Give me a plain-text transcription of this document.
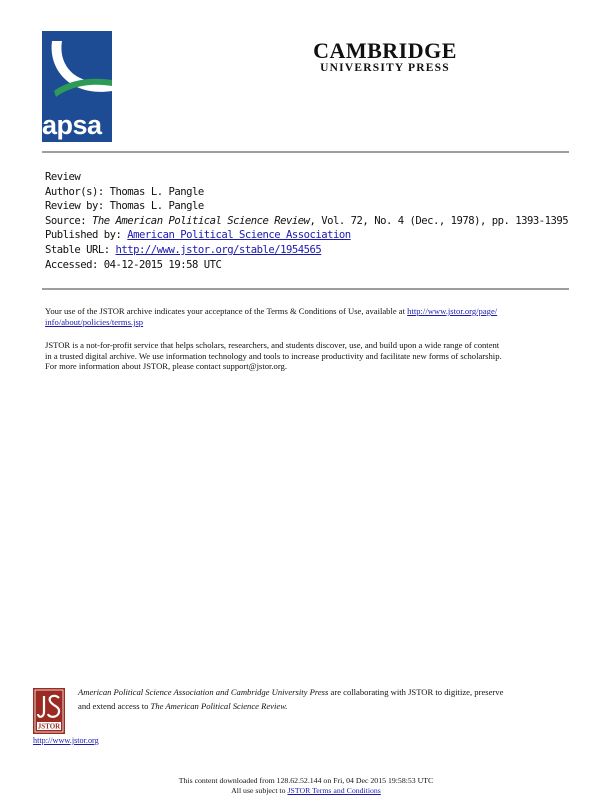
apsa
CAMBRIDGE
UNIVERSITY PRESS
Review
Author(s): Thomas L. Pangle
Review by: Thomas L. Pangle
Source: The American Political Science Review, Vol. 72, No. 4 (Dec., 1978), pp. 1393-1395
Published by: American Political Science Association
Stable URL: http://www.jstor.org/stable/1954565
Accessed: 04-12-2015 19:58 UTC
Your use of the JSTOR archive indicates your acceptance of the Terms & Conditions of Use, available at http://www.jstor.org/page/
info/about/policies/terms.jsp
JSTOR is a not-for-profit service that helps scholars, researchers, and students discover, use, and build upon a wide range of content
in a trusted digital archive. We use information technology and tools to increase productivity and facilitate new forms of scholarship.
For more information about JSTOR, please contact support@jstor.org.
JSTOR
American Political Science Association and Cambridge University Press are collaborating with JSTOR to digitize, preserve
and extend access to The American Political Science Review.
http://www.jstor.org
This content downloaded from 128.62.52.144 on Fri, 04 Dec 2015 19:58:53 UTC
All use subject to JSTOR Terms and Conditions
